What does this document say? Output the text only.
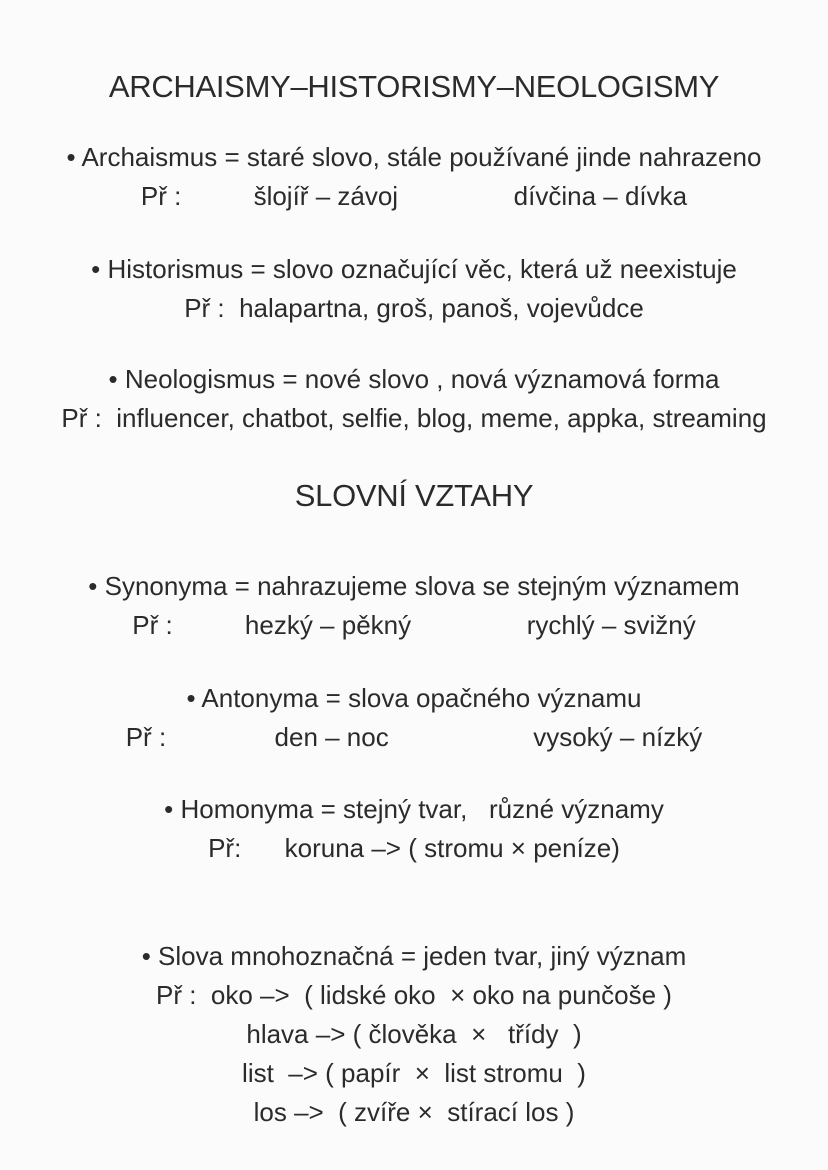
ARCHAISMY–HISTORISMY–NEOLOGISMY
• Archaismus = staré slovo, stále používané jinde nahrazeno
Př :          šlojíř – závoj                dívčina – dívka
• Historismus = slovo označující věc, která už neexistuje
Př :  halapartna, groš, panoš, vojevůdce
• Neologismus = nové slovo , nová významová forma
Př :  influencer, chatbot, selfie, blog, meme, appka, streaming
SLOVNÍ VZTAHY
• Synonyma = nahrazujeme slova se stejným významem
Př :          hezký – pěkný                rychlý – svižný
• Antonyma = slova opačného významu
Př :               den – noc                    vysoký – nízký
• Homonyma = stejný tvar,   různé významy
Př:      koruna –> ( stromu × peníze)
• Slova mnohoznačná = jeden tvar, jiný význam
Př :  oko –>  ( lidské oko  × oko na punčoše )
hlava –> ( člověka  ×   třídy  )
list  –> ( papír  ×  list stromu  )
los –>  ( zvíře ×  stírací los )
